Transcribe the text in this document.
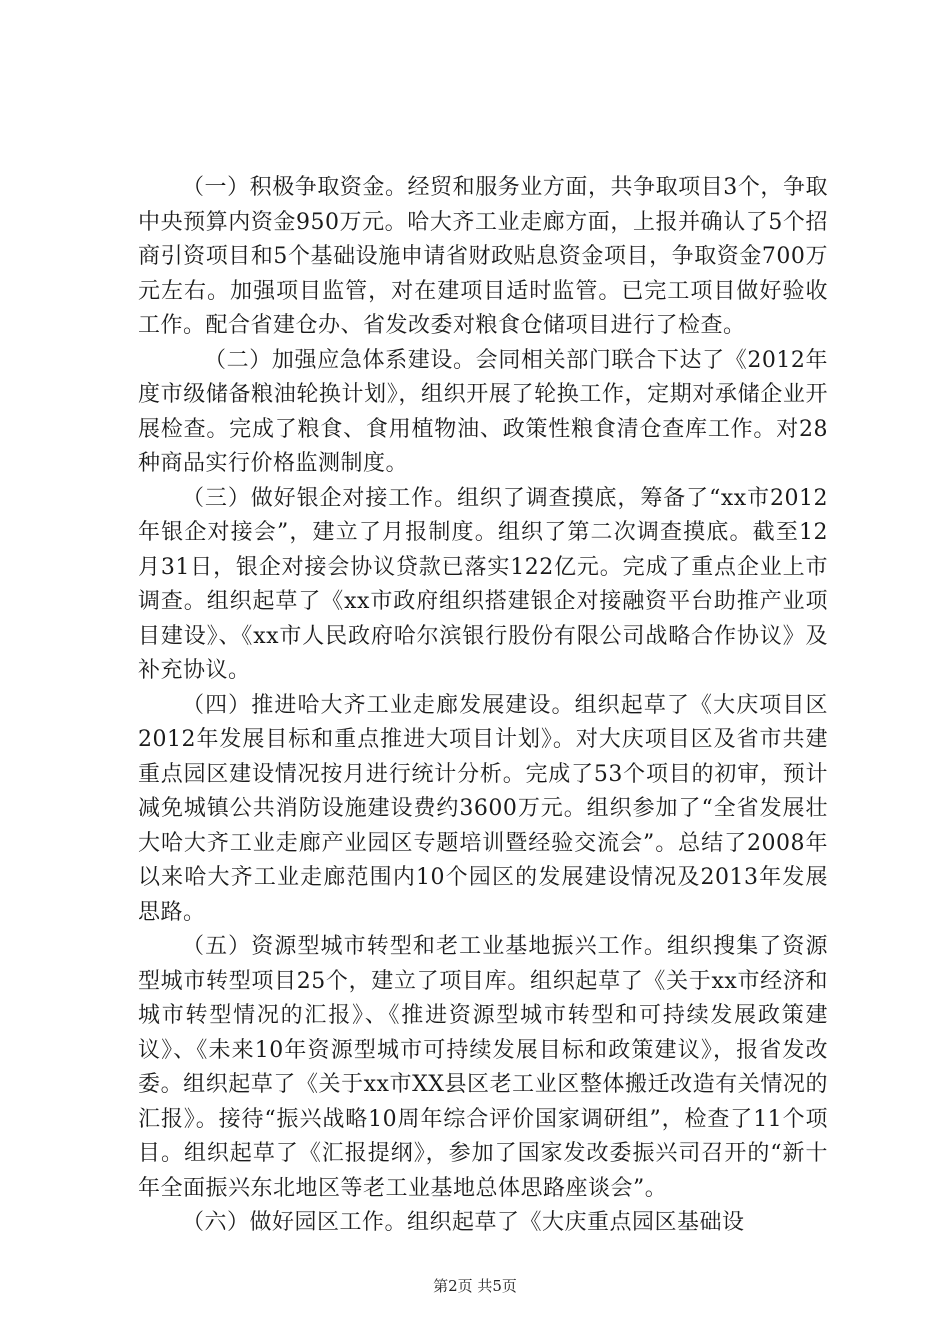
（一）积极争取资金。经贸和服务业方面，共争取项目3个，争取中央预算内资金950万元。哈大齐工业走廊方面，上报并确认了5个招商引资项目和5个基础设施申请省财政贴息资金项目，争取资金700万元左右。加强项目监管，对在建项目适时监管。已完工项目做好验收工作。配合省建仓办、省发改委对粮食仓储项目进行了检查。

（二）加强应急体系建设。会同相关部门联合下达了《2012年度市级储备粮油轮换计划》，组织开展了轮换工作，定期对承储企业开展检查。完成了粮食、食用植物油、政策性粮食清仓查库工作。对28种商品实行价格监测制度。

（三）做好银企对接工作。组织了调查摸底，筹备了“xx市2012年银企对接会”，建立了月报制度。组织了第二次调查摸底。截至12月31日，银企对接会协议贷款已落实122亿元。完成了重点企业上市调查。组织起草了《xx市政府组织搭建银企对接融资平台助推产业项目建设》、《xx市人民政府哈尔滨银行股份有限公司战略合作协议》及补充协议。

（四）推进哈大齐工业走廊发展建设。组织起草了《大庆项目区2012年发展目标和重点推进大项目计划》。对大庆项目区及省市共建重点园区建设情况按月进行统计分析。完成了53个项目的初审，预计减免城镇公共消防设施建设费约3600万元。组织参加了“全省发展壮大哈大齐工业走廊产业园区专题培训暨经验交流会”。总结了2008年以来哈大齐工业走廊范围内10个园区的发展建设情况及2013年发展思路。

（五）资源型城市转型和老工业基地振兴工作。组织搜集了资源型城市转型项目25个，建立了项目库。组织起草了《关于xx市经济和城市转型情况的汇报》、《推进资源型城市转型和可持续发展政策建议》、《未来10年资源型城市可持续发展目标和政策建议》，报省发改委。组织起草了《关于xx市XX县区老工业区整体搬迁改造有关情况的汇报》。接待“振兴战略10周年综合评价国家调研组”，检查了11个项目。组织起草了《汇报提纲》，参加了国家发改委振兴司召开的“新十年全面振兴东北地区等老工业基地总体思路座谈会”。

（六）做好园区工作。组织起草了《大庆重点园区基础设

第2页 共5页
